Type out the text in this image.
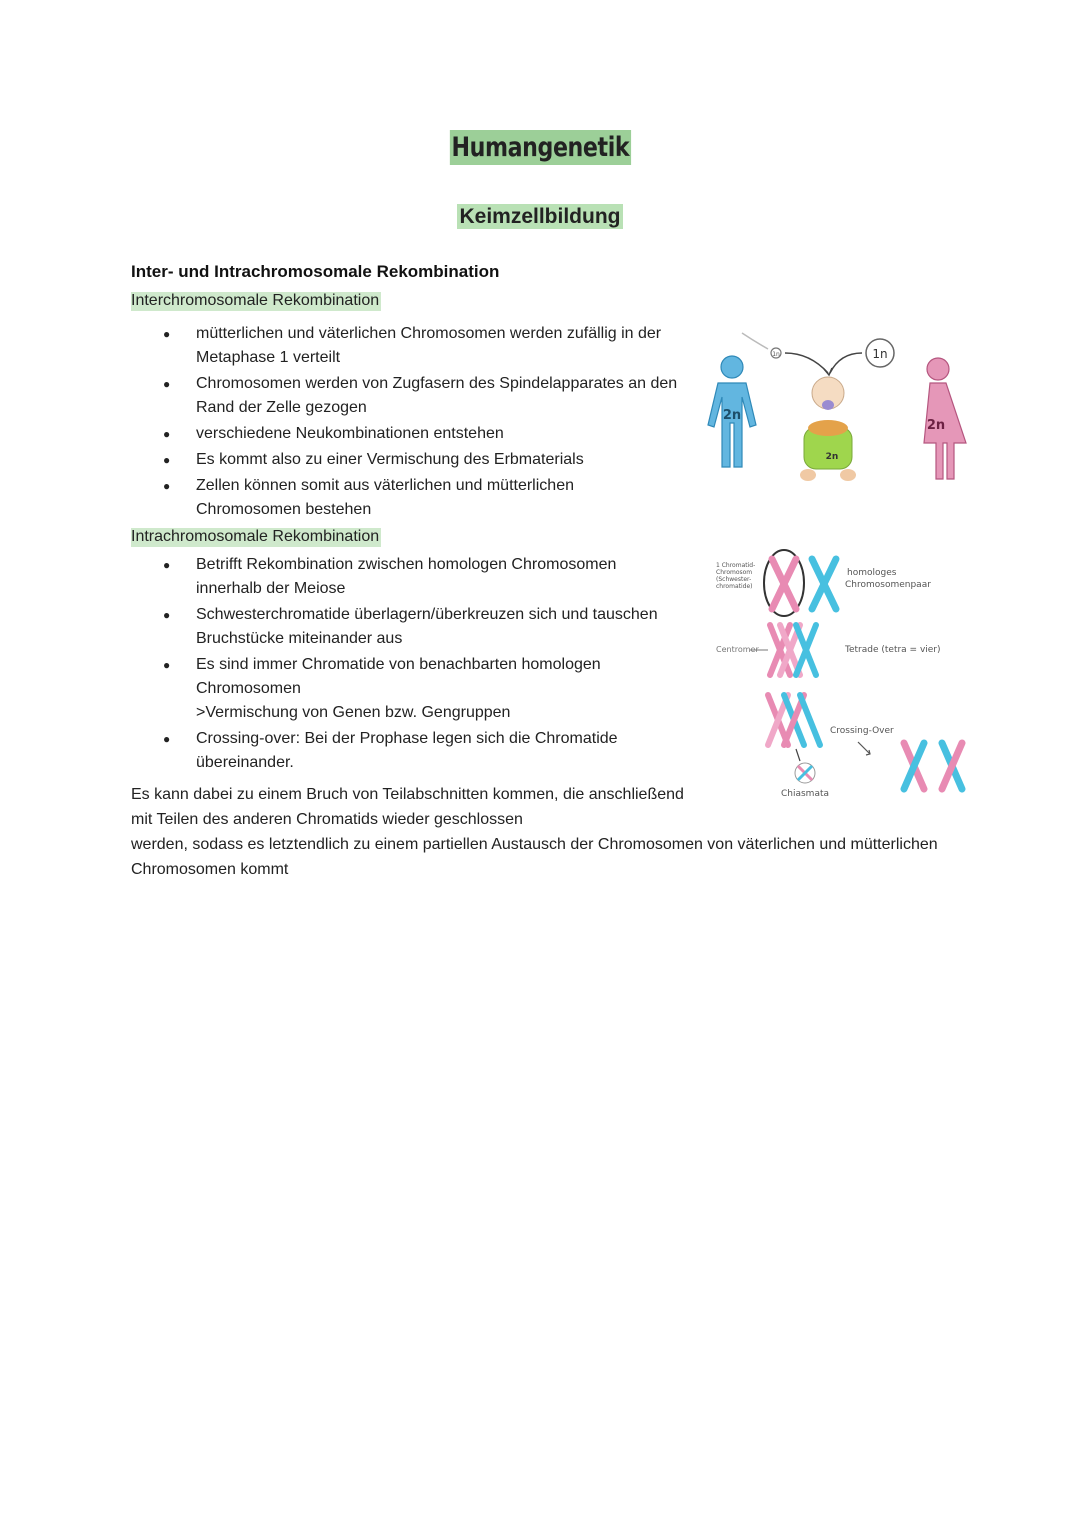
Humangenetik
Keimzellbildung
Inter- und Intrachromosomale Rekombination
Interchromosomale Rekombination
● mütterlichen und väterlichen Chromosomen werden zufällig in der Metaphase 1 verteilt
● Chromosomen werden von Zugfasern des Spindelapparates an den Rand der Zelle gezogen
● verschiedene Neukombinationen entstehen
● Es kommt also zu einer Vermischung des Erbmaterials
● Zellen können somit aus väterlichen und mütterlichen Chromosomen bestehen
Intrachromosomale Rekombination
● Betrifft Rekombination zwischen homologen Chromosomen innerhalb der Meiose
● Schwesterchromatide überlagern/überkreuzen sich und tauschen Bruchstücke miteinander aus
● Es sind immer Chromatide von benachbarten homologen Chromosomen
˃Vermischung von Genen bzw. Gengruppen
● Crossing-over: Bei der Prophase legen sich die Chromatide übereinander.
Es kann dabei zu einem Bruch von Teilabschnitten kommen, die anschließend mit Teilen des anderen Chromatids wieder geschlossen
werden, sodass es letztendlich zu einem partiellen Austausch der Chromosomen von väterlichen und mütterlichen Chromosomen kommt
1n	1n
2n
2n
2n
1 Chromatid-Chromosom (Schwester-chromatide)
homologes Chromosomenpaar
Centromer	Tetrade (tetra = vier)
Crossing-Over
Chiasmata
